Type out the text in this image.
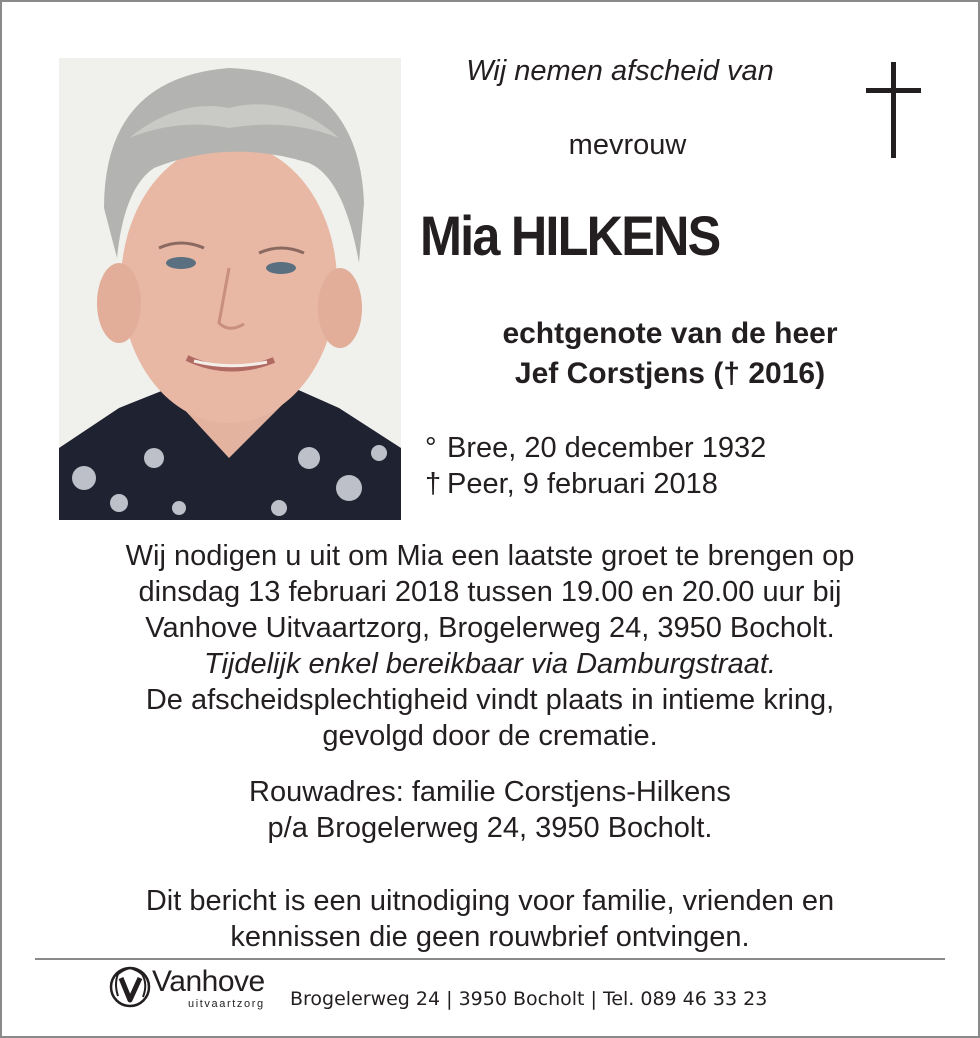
Wij nemen afscheid van
mevrouw
Mia HILKENS
echtgenote van de heer
Jef Corstjens († 2016)
° Bree, 20 december 1932
† Peer, 9 februari 2018
Wij nodigen u uit om Mia een laatste groet te brengen op
dinsdag 13 februari 2018 tussen 19.00 en 20.00 uur bij
Vanhove Uitvaartzorg, Brogelerweg 24, 3950 Bocholt.
Tijdelijk enkel bereikbaar via Damburgstraat.
De afscheidsplechtigheid vindt plaats in intieme kring,
gevolgd door de crematie.
Rouwadres: familie Corstjens-Hilkens
p/a Brogelerweg 24, 3950 Bocholt.
Dit bericht is een uitnodiging voor familie, vrienden en
kennissen die geen rouwbrief ontvingen.
Vanhove
uitvaartzorg Brogelerweg 24 | 3950 Bocholt | Tel. 089 46 33 23
